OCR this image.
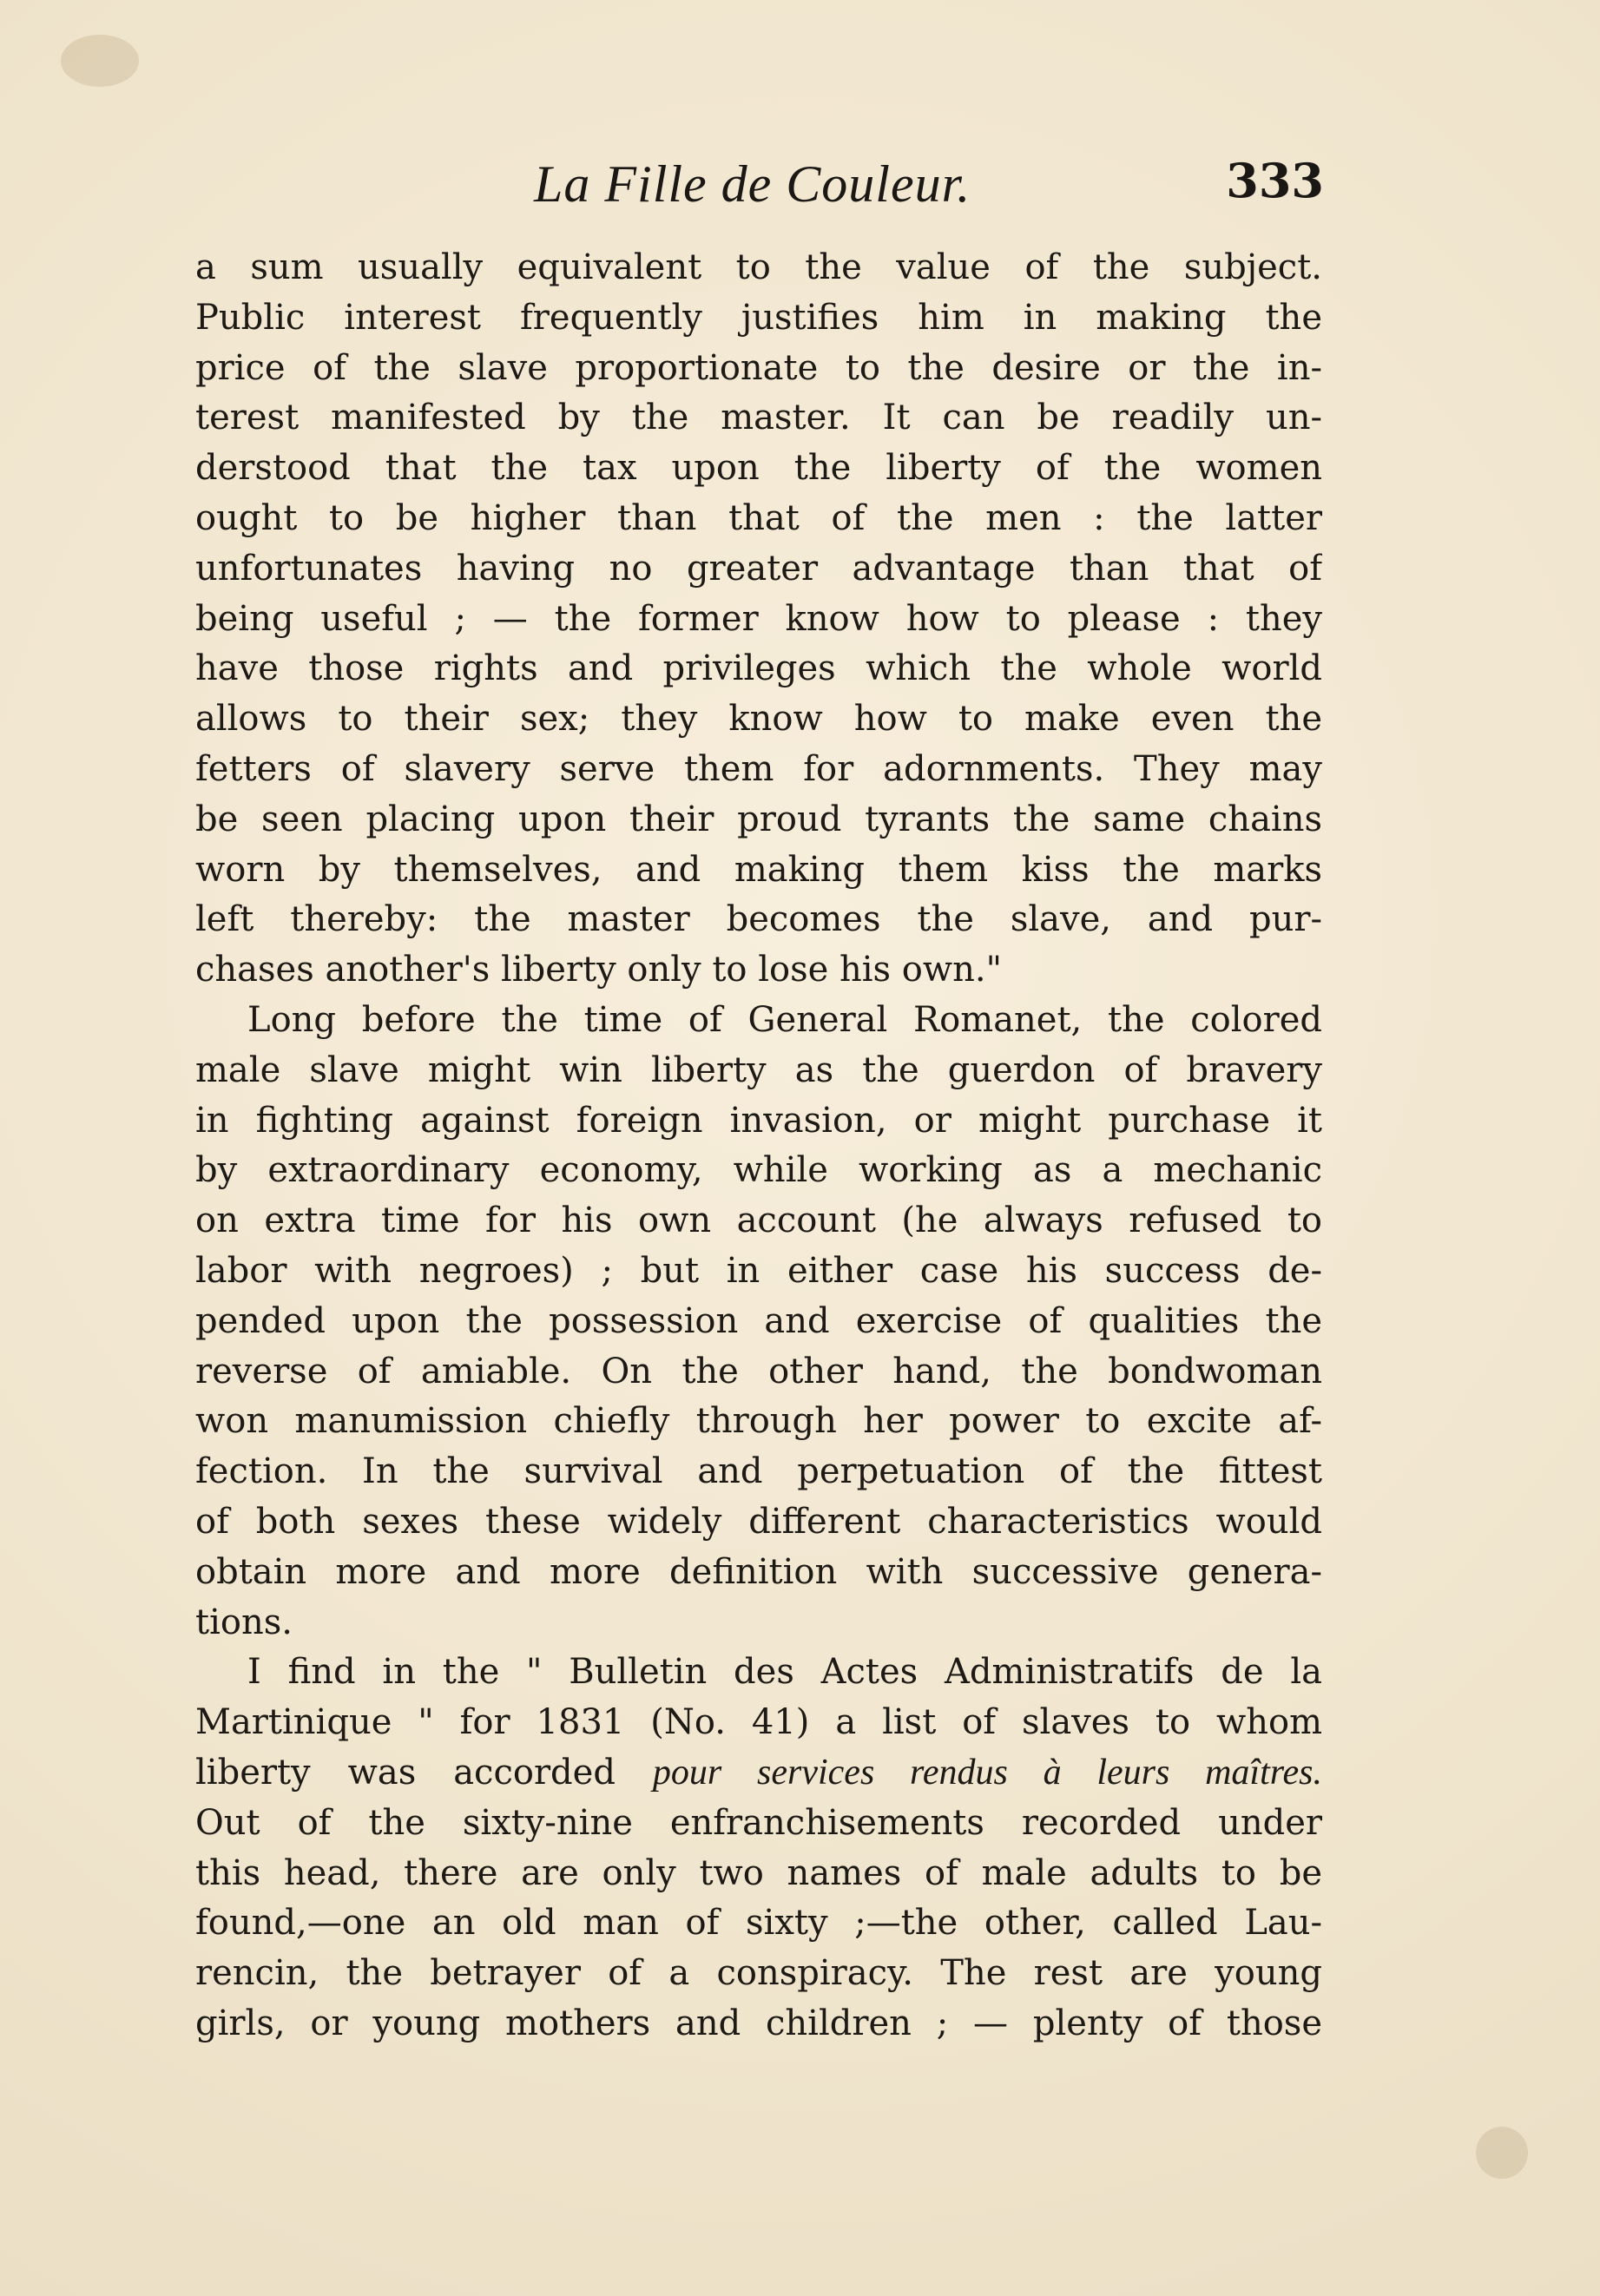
La Fille de Couleur.	333
a sum usually equivalent to the value of the subject.
Public interest frequently justifies him in making the
price of the slave proportionate to the desire or the in-
terest manifested by the master. It can be readily un-
derstood that the tax upon the liberty of the women
ought to be higher than that of the men : the latter
unfortunates having no greater advantage than that of
being useful ; — the former know how to please : they
have those rights and privileges which the whole world
allows to their sex; they know how to make even the
fetters of slavery serve them for adornments. They may
be seen placing upon their proud tyrants the same chains
worn by themselves, and making them kiss the marks
left thereby: the master becomes the slave, and pur-
chases another's liberty only to lose his own."
Long before the time of General Romanet, the colored
male slave might win liberty as the guerdon of bravery
in fighting against foreign invasion, or might purchase it
by extraordinary economy, while working as a mechanic
on extra time for his own account (he always refused to
labor with negroes) ; but in either case his success de-
pended upon the possession and exercise of qualities the
reverse of amiable. On the other hand, the bondwoman
won manumission chiefly through her power to excite af-
fection. In the survival and perpetuation of the fittest
of both sexes these widely different characteristics would
obtain more and more definition with successive genera-
tions.
I find in the " Bulletin des Actes Administratifs de la
Martinique " for 1831 (No. 41) a list of slaves to whom
liberty was accorded pour services rendus à leurs maîtres.
Out of the sixty-nine enfranchisements recorded under
this head, there are only two names of male adults to be
found,—one an old man of sixty ;—the other, called Lau-
rencin, the betrayer of a conspiracy. The rest are young
girls, or young mothers and children ; — plenty of those
